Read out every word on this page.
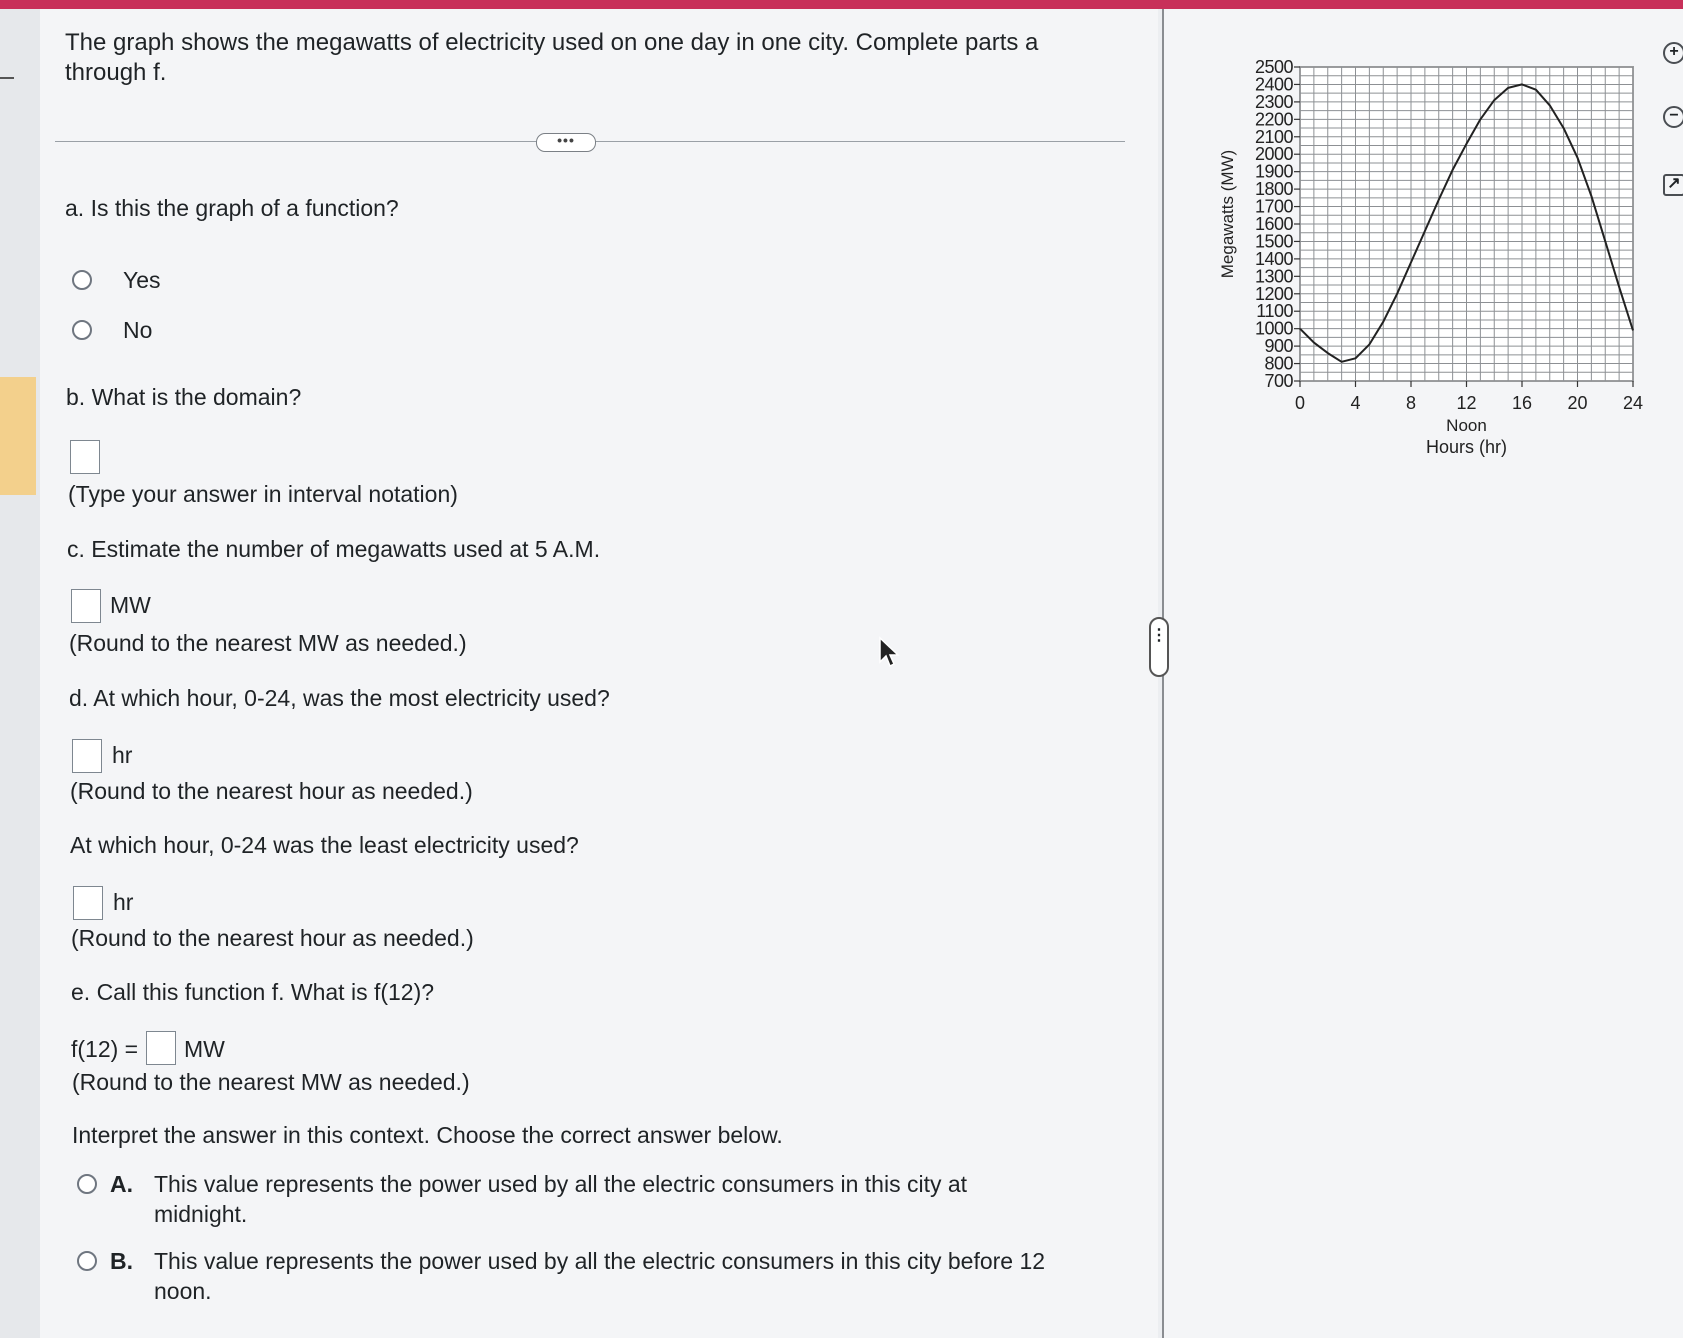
The graph shows the megawatts of electricity used on one day in one city. Complete parts a through f.
•••
a. Is this the graph of a function?
Yes
No
b. What is the domain?
(Type your answer in interval notation)
c. Estimate the number of megawatts used at 5 A.M.
MW
(Round to the nearest MW as needed.)
d. At which hour, 0-24, was the most electricity used?
hr
(Round to the nearest hour as needed.)
At which hour, 0-24 was the least electricity used?
hr
(Round to the nearest hour as needed.)
e. Call this function f. What is f(12)?
f(12) = MW
(Round to the nearest MW as needed.)
Interpret the answer in this context. Choose the correct answer below.
A. This value represents the power used by all the electric consumers in this city at
midnight.
B. This value represents the power used by all the electric consumers in this city before 12
noon.
⋮
+
−
↗
700
800
900
1000
1100
1200
1300
1400
1500
1600
1700
1800
1900
2000
2100
2200
2300
2400
2500
0	4	8 12 16 20 24
Noon
Hours (hr)
Megawatts (MW)
